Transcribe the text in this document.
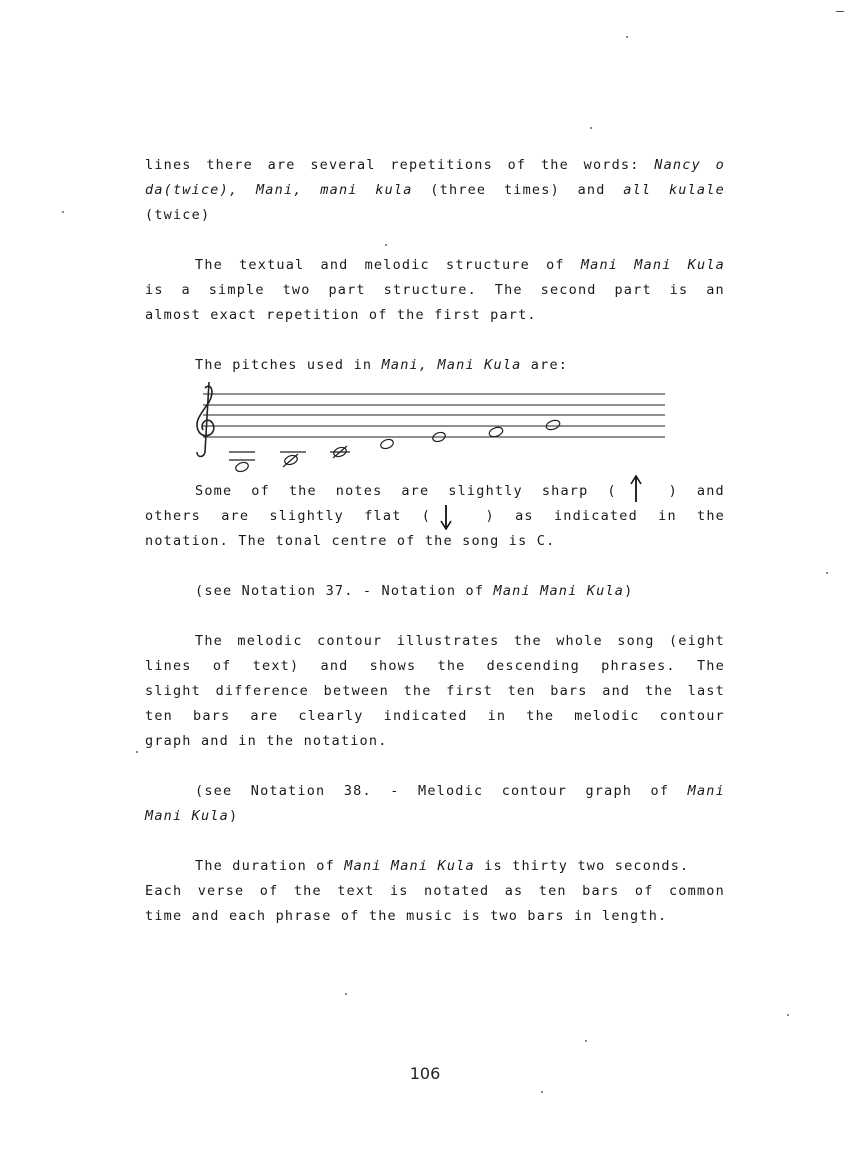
lines there are several repetitions of the words: Nancy o
da(twice), Mani, mani kula (three times) and all kulale
(twice)
The textual and melodic structure of Mani Mani Kula
is a simple two part structure. The second part is an
almost exact repetition of the first part.
The pitches used in Mani, Mani Kula are:
Some of the notes are slightly sharp (	) and
others are slightly flat (	) as indicated in the
notation. The tonal centre of the song is C.
(see Notation 37. - Notation of Mani Mani Kula)
The melodic contour illustrates the whole song (eight
lines of text) and shows the descending phrases. The
slight difference between the first ten bars and the last
ten bars are clearly indicated in the melodic contour
graph and in the notation.
(see Notation 38. - Melodic contour graph of Mani
Mani Kula)
The duration of Mani Mani Kula is thirty two seconds.
Each verse of the text is notated as ten bars of common
time and each phrase of the music is two bars in length.
106
